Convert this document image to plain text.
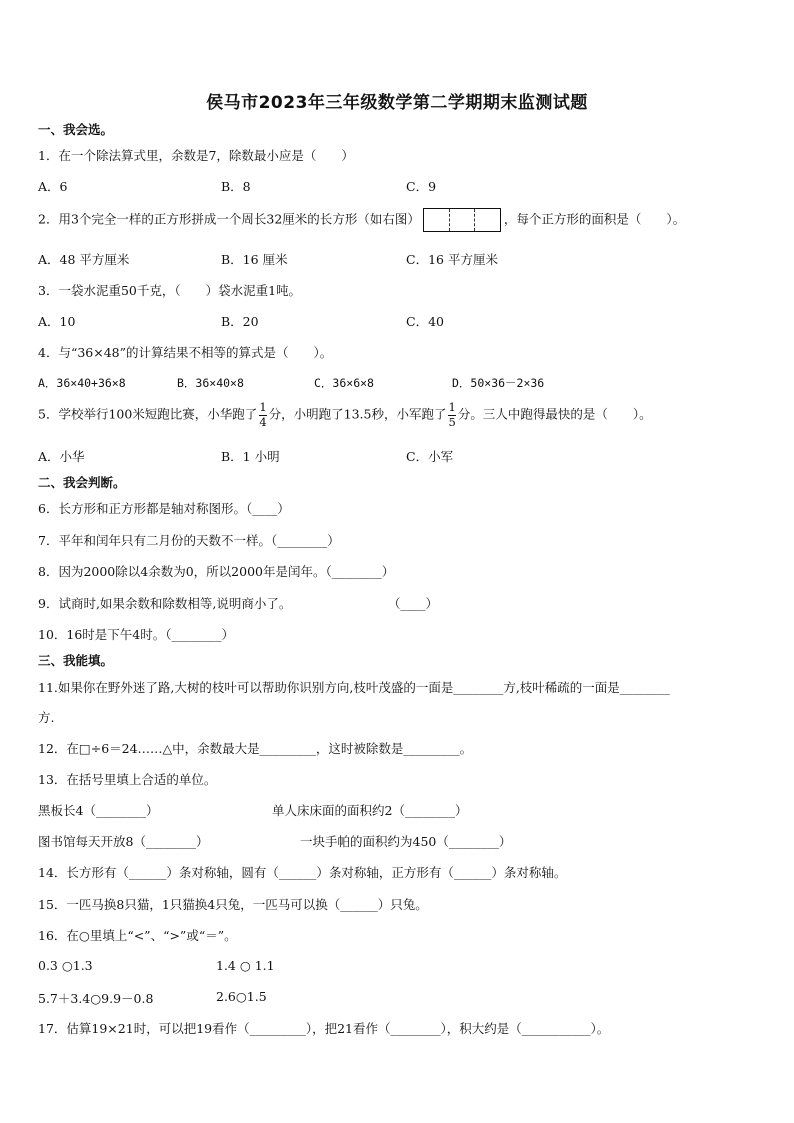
侯马市2023年三年级数学第二学期期末监测试题
一、我会选。
1．在一个除法算式里，余数是7，除数最小应是（　　）
A．6	B．8	C．9
2．用3个完全一样的正方形拼成一个周长32厘米的长方形（如右图）	，每个正方形的面积是（　　）。
A．48 平方厘米	B．16 厘米	C．16 平方厘米
3．一袋水泥重50千克，（　　）袋水泥重1吨。
A．10	B．20	C．40
4．与“36×48”的计算结果不相等的算式是（　　）。
A．36×40+36×8	B．36×40×8	C．36×6×8	D．50×36－2×36
5．学校举行100米短跑比赛，小华跑了 $\frac{1}{4}$ 分，小明跑了13.5秒，小军跑了 $\frac{1}{5}$ 分。三人中跑得最快的是（　　）。
A．小华	B．1 小明	C．小军
二、我会判断。
6．长方形和正方形都是轴对称图形。（____）
7．平年和闰年只有二月份的天数不一样。（________）
8．因为2000除以4余数为0，所以2000年是闰年。（________）
9．试商时,如果余数和除数相等,说明商小了。	（____）
10．16时是下午4时。（________）
三、我能填。
11.如果你在野外迷了路,大树的枝叶可以帮助你识别方向,枝叶茂盛的一面是________方,枝叶稀疏的一面是________
方.
12．在□÷6＝24……△中，余数最大是_________，这时被除数是_________。
13．在括号里填上合适的单位。
黑板长4（________）	单人床床面的面积约2（________）
图书馆每天开放8（________）	一块手帕的面积约为450（________）
14．长方形有（______）条对称轴，圆有（______）条对称轴，正方形有（______）条对称轴。
15．一匹马换8只猫，1只猫换4只兔，一匹马可以换（______）只兔。
16．在○里填上“<”、“>”或“＝”。
0.3 ○1.3	1.4 ○ 1.1
5.7＋3.4○9.9－0.8	2.6○1.5
17．估算19×21时，可以把19看作（_________），把21看作（________），积大约是（___________）。
